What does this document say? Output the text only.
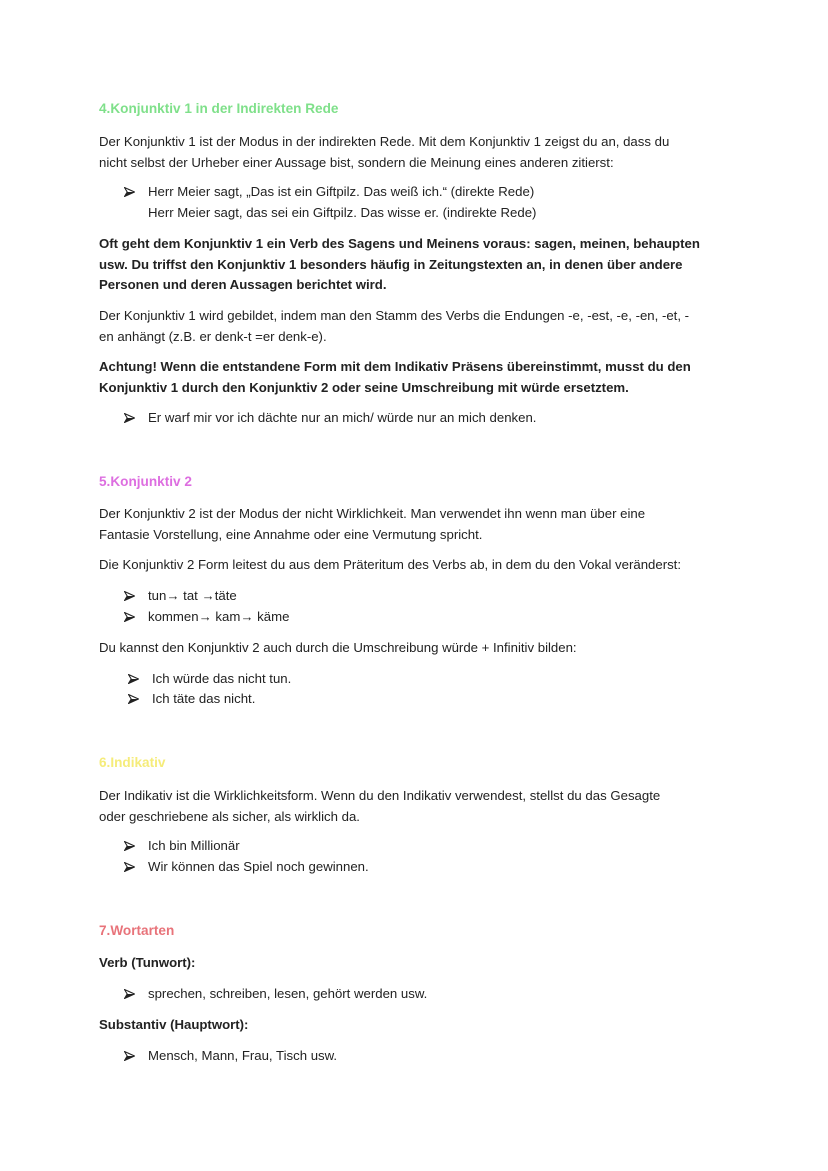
4.Konjunktiv 1 in der Indirekten Rede
Der Konjunktiv 1 ist der Modus in der indirekten Rede. Mit dem Konjunktiv 1 zeigst du an, dass du
nicht selbst der Urheber einer Aussage bist, sondern die Meinung eines anderen zitierst:
Herr Meier sagt, „Das ist ein Giftpilz. Das weiß ich.“ (direkte Rede)
Herr Meier sagt, das sei ein Giftpilz. Das wisse er. (indirekte Rede)
Oft geht dem Konjunktiv 1 ein Verb des Sagens und Meinens voraus: sagen, meinen, behaupten
usw. Du triffst den Konjunktiv 1 besonders häufig in Zeitungstexten an, in denen über andere
Personen und deren Aussagen berichtet wird.
Der Konjunktiv 1 wird gebildet, indem man den Stamm des Verbs die Endungen -e, -est, -e, -en, -et, -
en anhängt (z.B. er denk-t =er denk-e).
Achtung! Wenn die entstandene Form mit dem Indikativ Präsens übereinstimmt, musst du den
Konjunktiv 1 durch den Konjunktiv 2 oder seine Umschreibung mit würde ersetztem.
Er warf mir vor ich dächte nur an mich/ würde nur an mich denken.
5.Konjunktiv 2
Der Konjunktiv 2 ist der Modus der nicht Wirklichkeit. Man verwendet ihn wenn man über eine
Fantasie Vorstellung, eine Annahme oder eine Vermutung spricht.
Die Konjunktiv 2 Form leitest du aus dem Präteritum des Verbs ab, in dem du den Vokal veränderst:
tun→ tat →täte
kommen→ kam→ käme
Du kannst den Konjunktiv 2 auch durch die Umschreibung würde + Infinitiv bilden:
Ich würde das nicht tun.
Ich täte das nicht.
6.Indikativ
Der Indikativ ist die Wirklichkeitsform. Wenn du den Indikativ verwendest, stellst du das Gesagte
oder geschriebene als sicher, als wirklich da.
Ich bin Millionär
Wir können das Spiel noch gewinnen.
7.Wortarten
Verb (Tunwort):
sprechen, schreiben, lesen, gehört werden usw.
Substantiv (Hauptwort):
Mensch, Mann, Frau, Tisch usw.
